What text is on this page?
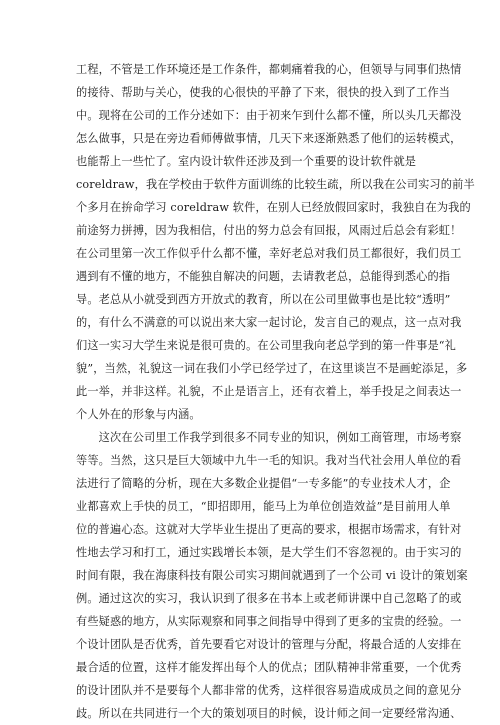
工程，不管是工作环境还是工作条件，都刺痛着我的心，但领导与同事们热情
的接待、帮助与关心，使我的心很快的平静了下来，很快的投入到了工作当
中。现将在公司的工作分述如下：由于初来乍到什么都不懂，所以头几天都没
怎么做事，只是在旁边看师傅做事情，几天下来逐渐熟悉了他们的运转模式，
也能帮上一些忙了。室内设计软件还涉及到一个重要的设计软件就是
coreldraw，我在学校由于软件方面训练的比较生疏，所以我在公司实习的前半
个多月在拚命学习 coreldraw 软件，在别人已经放假回家时，我独自在为我的
前途努力拼搏，因为我相信，付出的努力总会有回报，风雨过后总会有彩虹！
在公司里第一次工作似乎什么都不懂，幸好老总对我们员工都很好，我们员工
遇到有不懂的地方，不能独自解决的问题，去请教老总，总能得到悉心的指
导。老总从小就受到西方开放式的教育，所以在公司里做事也是比较“透明”
的，有什么不满意的可以说出来大家一起讨论，发言自己的观点，这一点对我
们这一实习大学生来说是很可贵的。在公司里我向老总学到的第一件事是“礼
貌”，当然，礼貌这一词在我们小学已经学过了，在这里谈岂不是画蛇添足，多
此一举，并非这样。礼貌，不止是语言上，还有衣着上，举手投足之间表达一
个人外在的形象与内涵。
　　这次在公司里工作我学到很多不同专业的知识，例如工商管理，市场考察
等等。当然，这只是巨大领域中九牛一毛的知识。我对当代社会用人单位的看
法进行了简略的分析，现在大多数企业提倡“一专多能”的专业技术人才，企
业都喜欢上手快的员工，“即招即用，能马上为单位创造效益”是目前用人单
位的普遍心态。这就对大学毕业生提出了更高的要求，根据市场需求，有针对
性地去学习和打工，通过实践增长本领，是大学生们不容忽视的。由于实习的
时间有限，我在海康科技有限公司实习期间就遇到了一个公司 vi 设计的策划案
例。通过这次的实习，我认识到了很多在书本上或老师讲课中自己忽略了的或
有些疑惑的地方，从实际观察和同事之间指导中得到了更多的宝贵的经验。一
个设计团队是否优秀，首先要看它对设计的管理与分配，将最合适的人安排在
最合适的位置，这样才能发挥出每个人的优点；团队精神非常重要，一个优秀
的设计团队并不是要每个人都非常的优秀，这样很容易造成成员之间的意见分
歧。所以在共同进行一个大的策划项目的时候，设计师之间一定要经常沟通、
